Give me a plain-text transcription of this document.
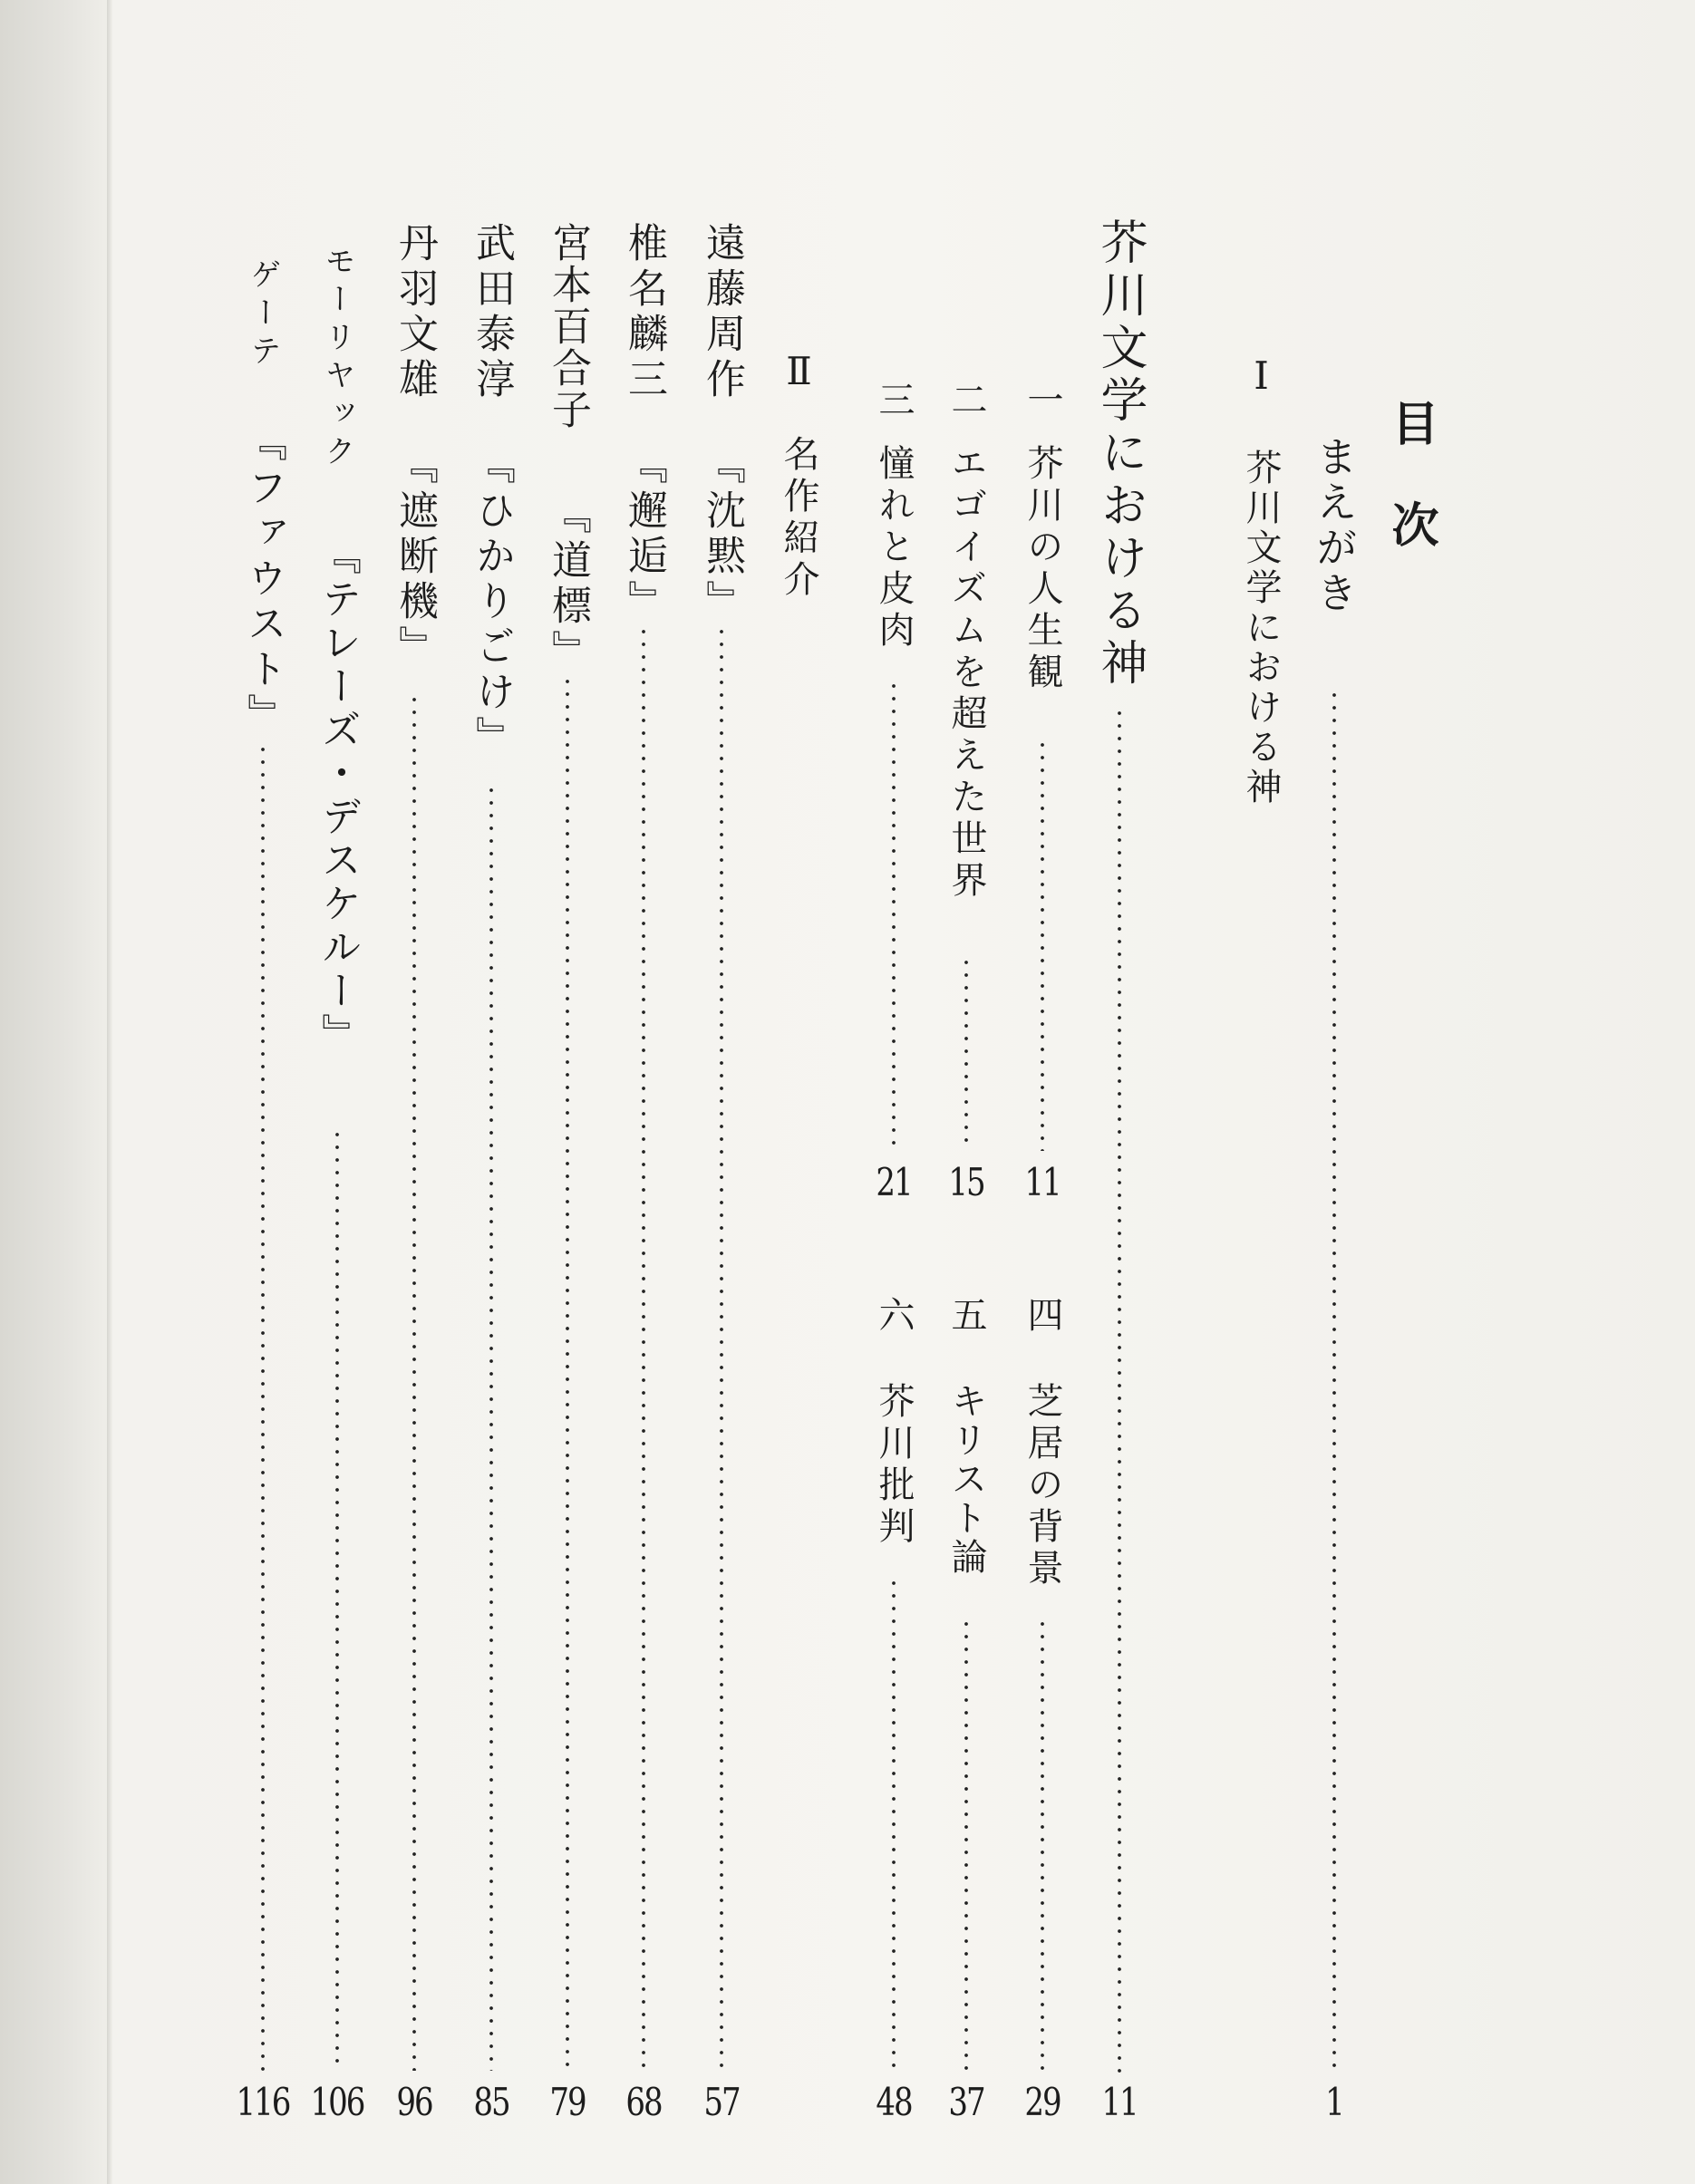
目次
まえがき
1
Ⅰ
芥川文学における神
芥川文学における神
11
一
芥川の人生観
11
四
芝居の背景
29
二
エゴイズムを超えた世界
15
五
キリスト論
37
三
憧れと皮肉
21
六
芥川批判
48
Ⅱ
名作紹介
遠藤周作
『沈黙』
57
椎名麟三
『邂逅』
68
宮本百合子
『道標』
79
武田泰淳
『ひかりごけ』
85
丹羽文雄
『遮断機』
96
モーリヤック
『テレーズ・デスケルー』
106
ゲーテ
『ファウスト』
116
